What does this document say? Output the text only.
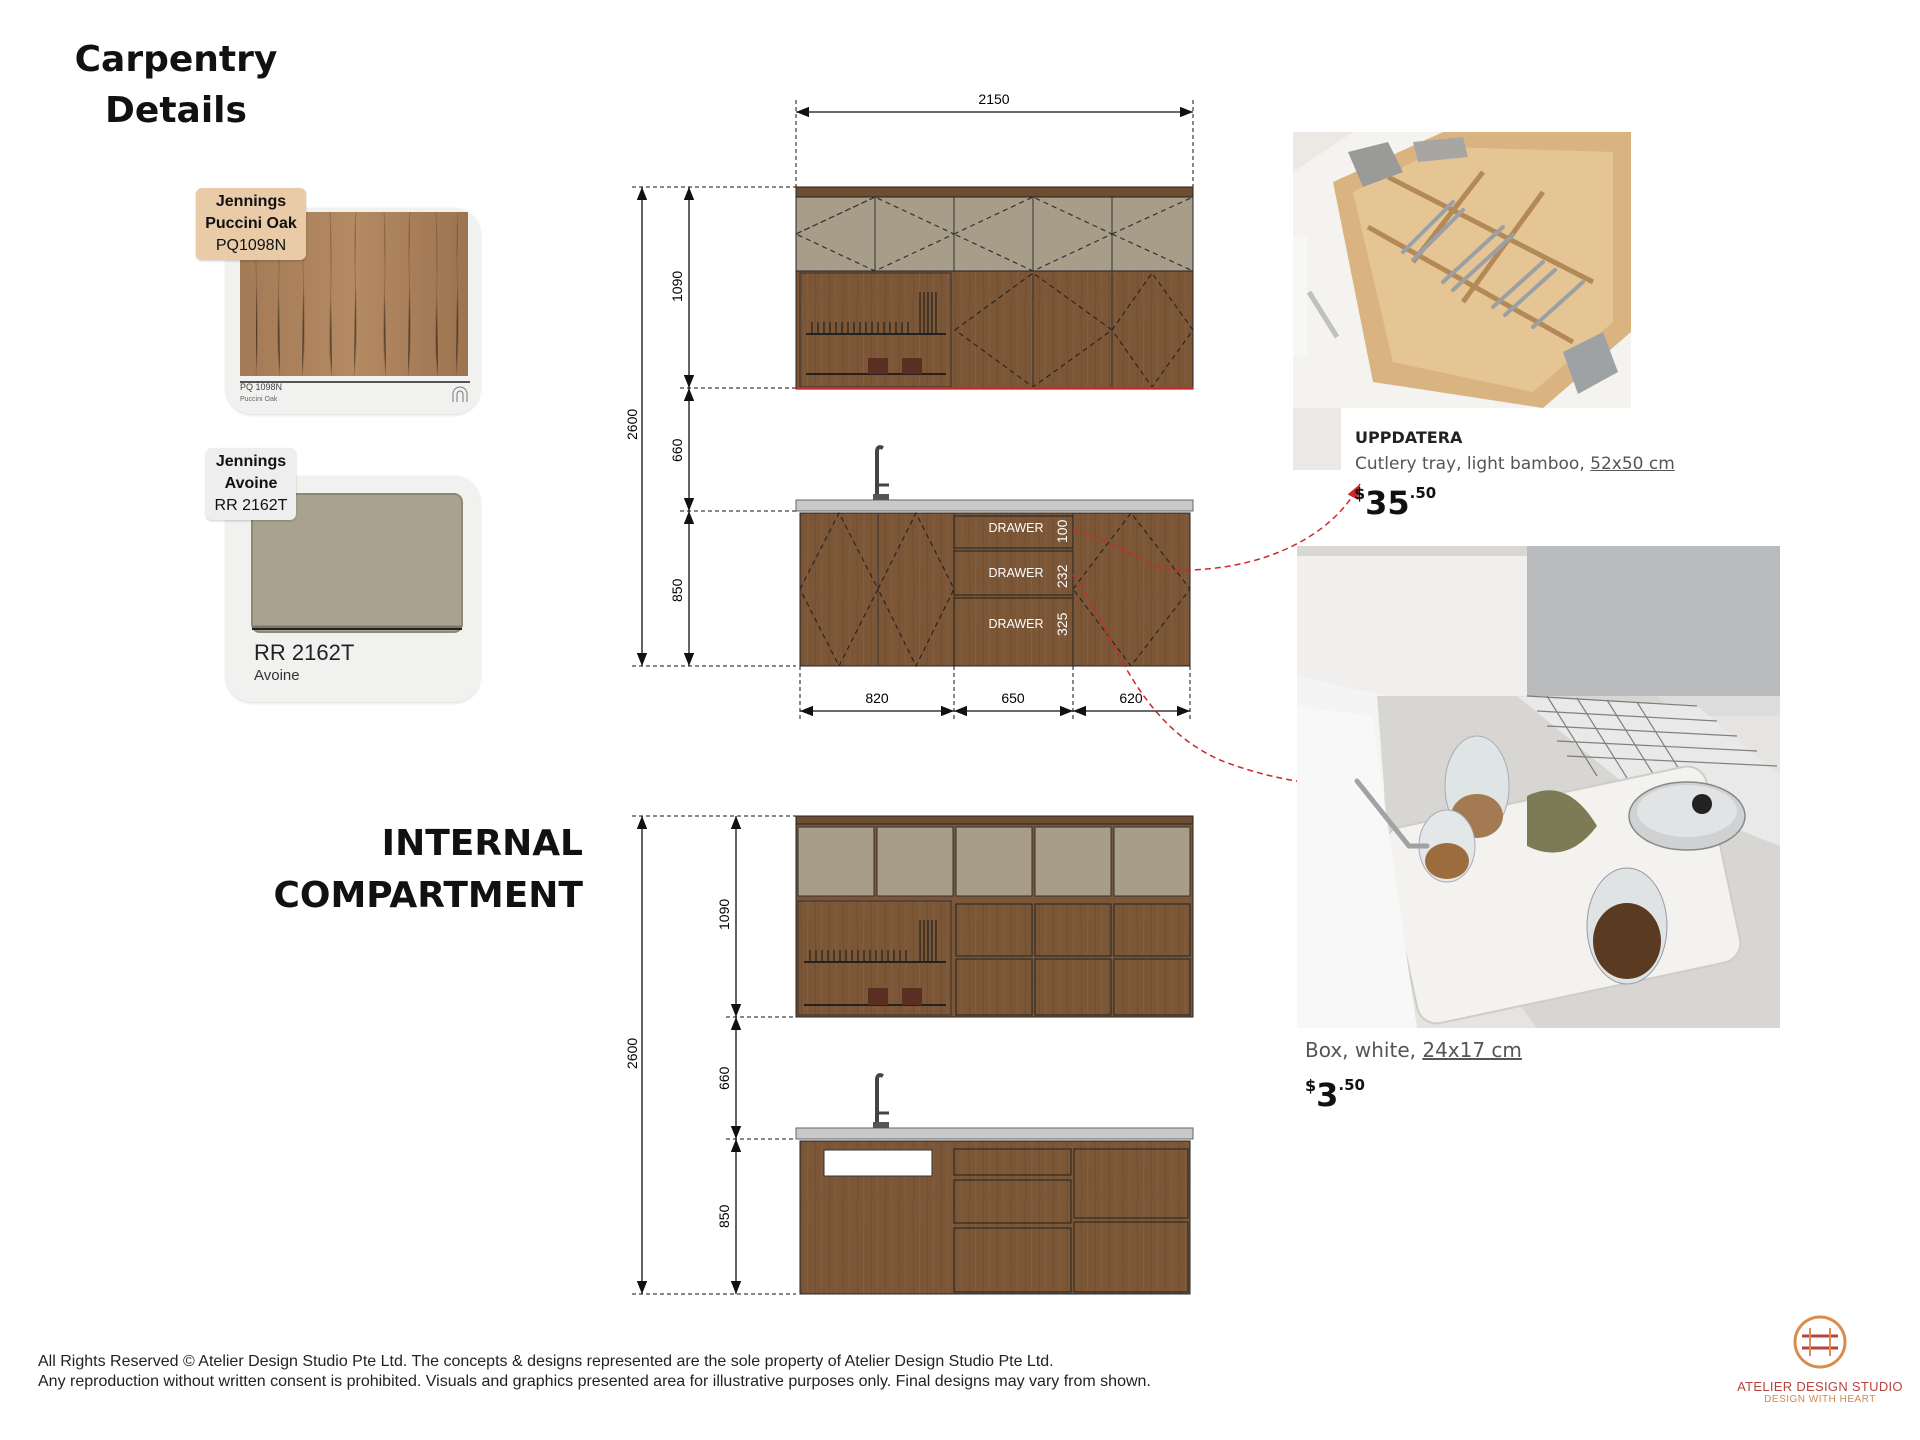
Carpentry
Details
PQ 1098N
Puccini Oak
Jennings
Puccini Oak
PQ1098N
RR 2162T
Avoine
Jennings
Avoine
RR 2162T
INTERNAL
COMPARTMENT
2150
DRAWER
DRAWER
DRAWER
100
232
325
2600
1090
660
850
820	650	620
2600
1090
660
850
UPPDATERA
Cutlery tray, light bamboo, 52x50 cm
$35.50
Box, white, 24x17 cm
$3.50
All Rights Reserved © Atelier Design Studio Pte Ltd. The concepts & designs represented are the sole property of Atelier Design Studio Pte Ltd.
Any reproduction without written consent is prohibited. Visuals and graphics presented area for illustrative purposes only. Final designs may vary from shown.	ATELIER DESIGN STUDIO
DESIGN WITH HEART
